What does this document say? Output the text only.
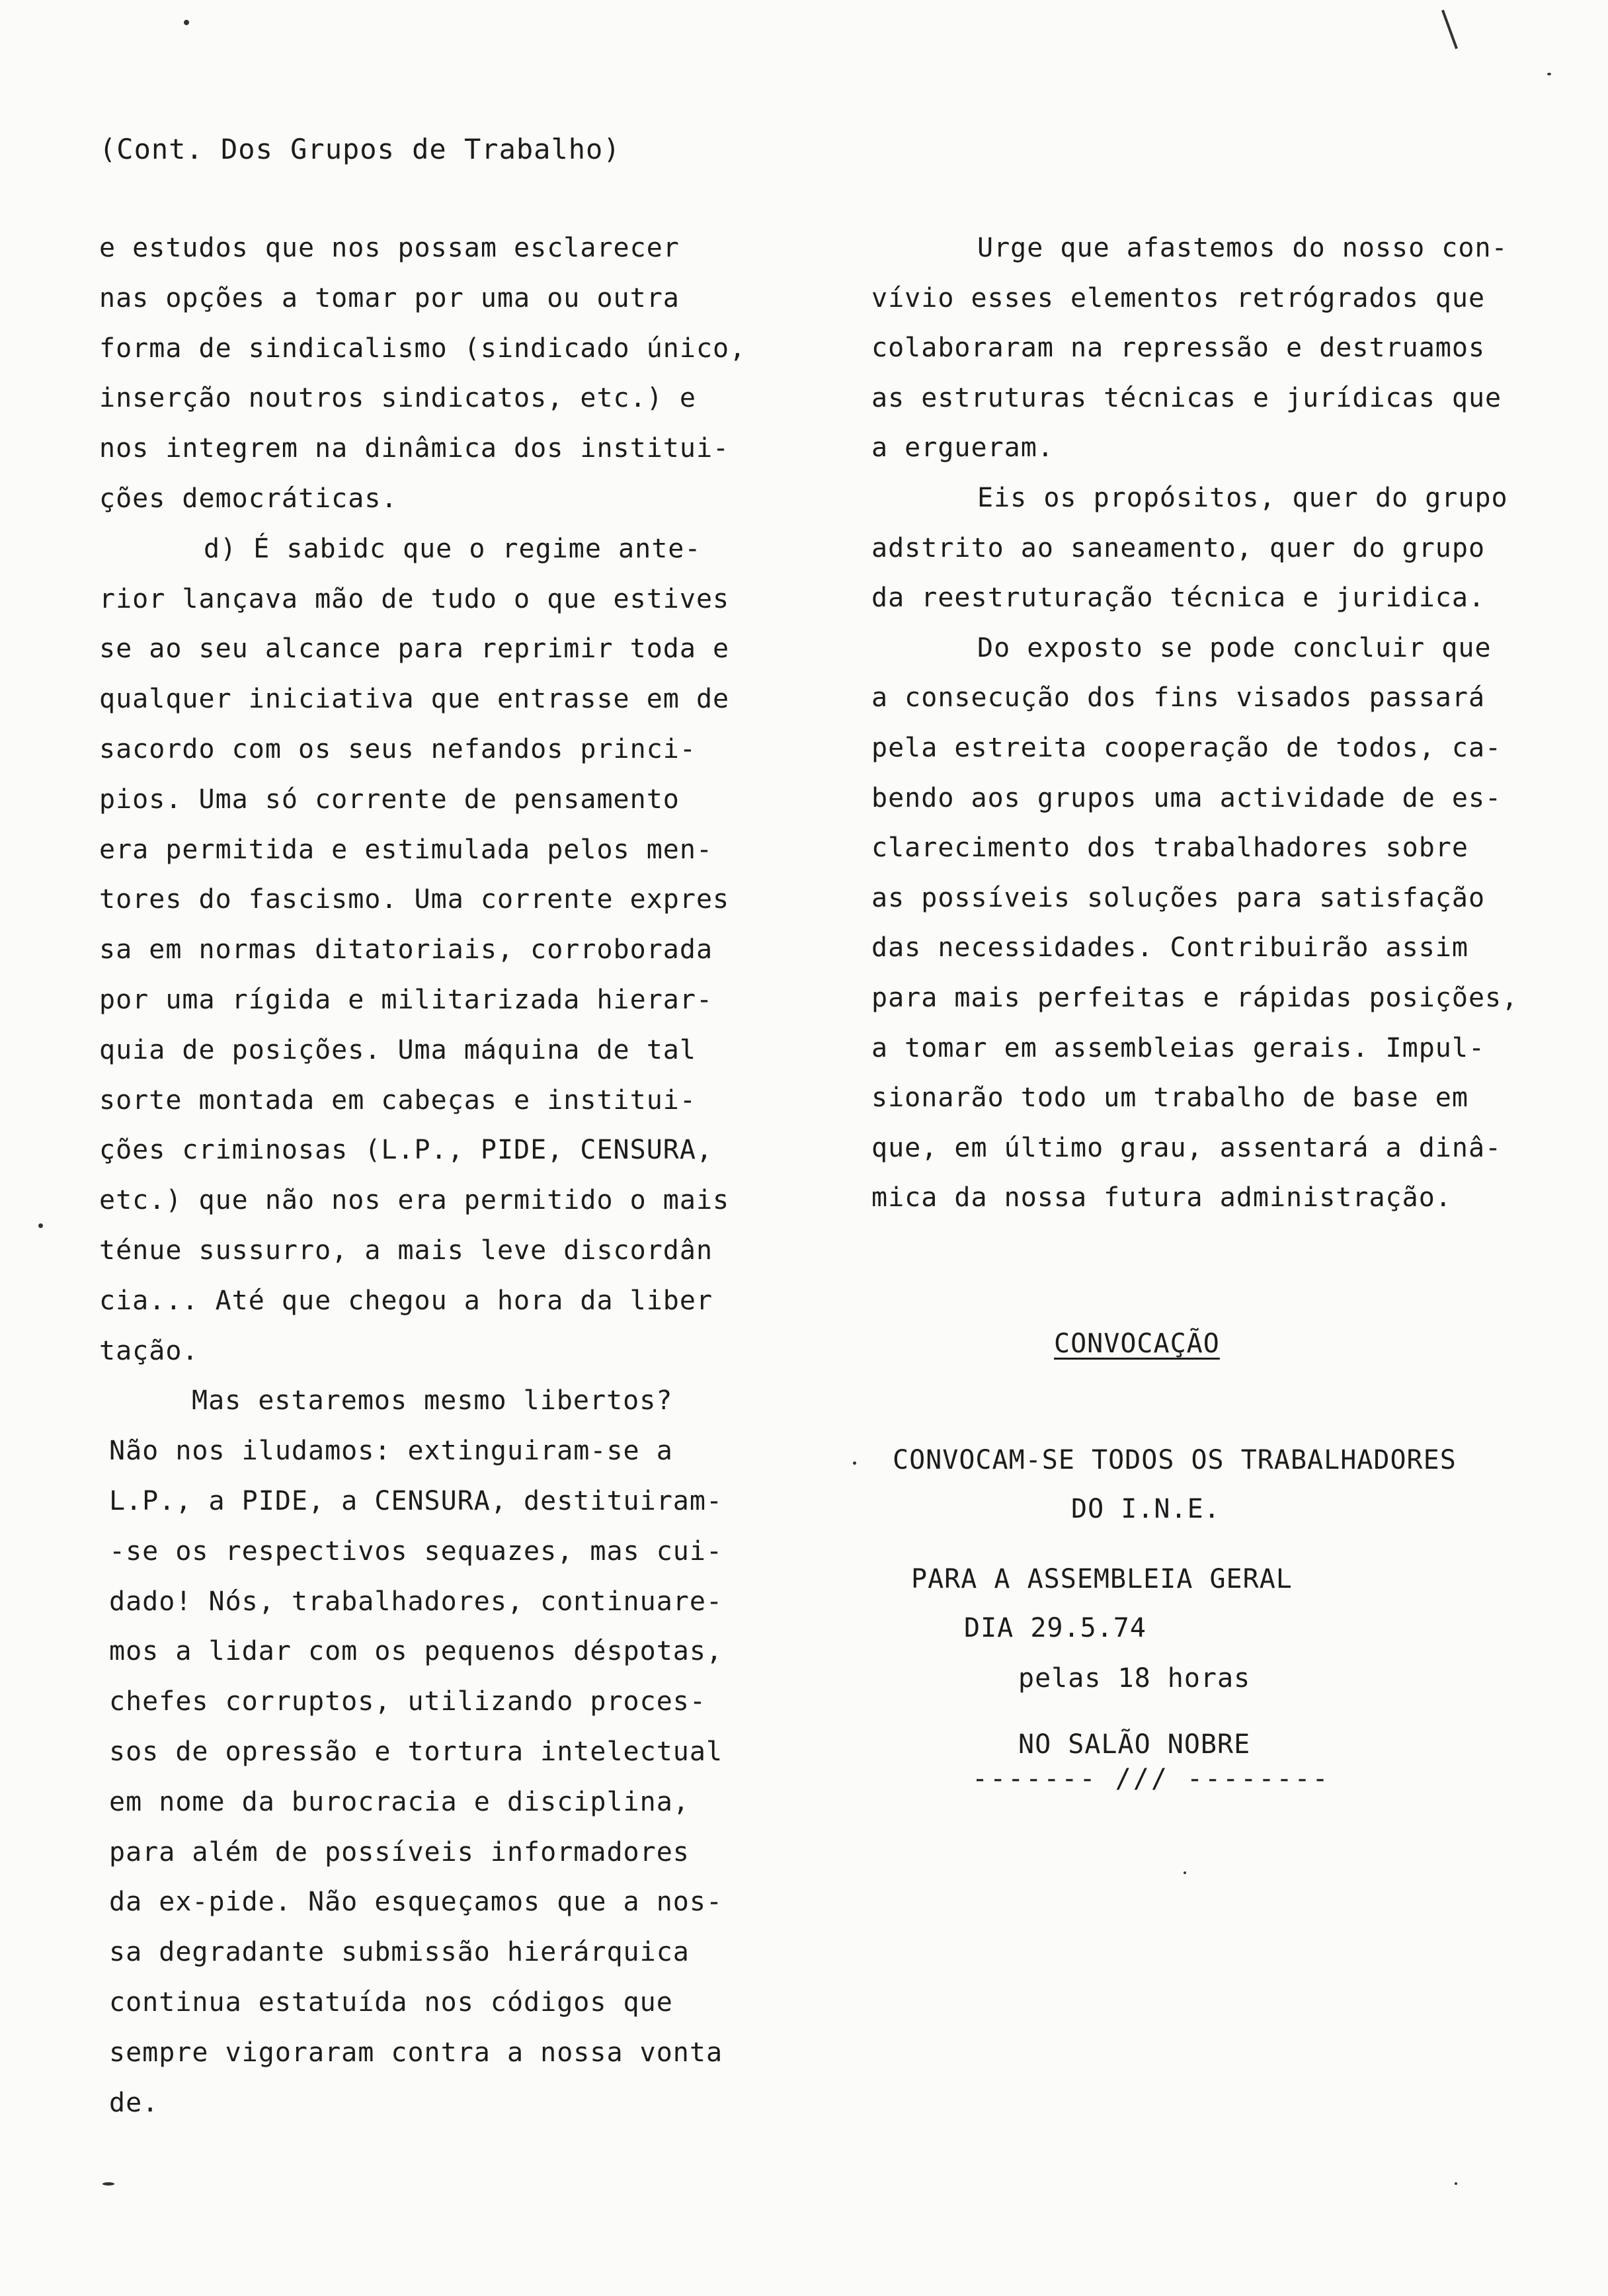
(Cont. Dos Grupos de Trabalho)
e estudos que nos possam esclarecer
nas opções a tomar por uma ou outra
forma de sindicalismo (sindicado único,
inserção noutros sindicatos, etc.) e
nos integrem na dinâmica dos institui-
ções democráticas.
d) É sabidc que o regime ante-
rior lançava mão de tudo o que estives
se ao seu alcance para reprimir toda e
qualquer iniciativa que entrasse em de
sacordo com os seus nefandos princi-
pios. Uma só corrente de pensamento
era permitida e estimulada pelos men-
tores do fascismo. Uma corrente expres
sa em normas ditatoriais, corroborada
por uma rígida e militarizada hierar-
quia de posições. Uma máquina de tal
sorte montada em cabeças e institui-
ções criminosas (L.P., PIDE, CENSURA,
etc.) que não nos era permitido o mais
ténue sussurro, a mais leve discordân
cia... Até que chegou a hora da liber
tação.
Mas estaremos mesmo libertos?
Não nos iludamos: extinguiram-se a
L.P., a PIDE, a CENSURA, destituiram-
-se os respectivos sequazes, mas cui-
dado! Nós, trabalhadores, continuare-
mos a lidar com os pequenos déspotas,
chefes corruptos, utilizando proces-
sos de opressão e tortura intelectual
em nome da burocracia e disciplina,
para além de possíveis informadores
da ex-pide. Não esqueçamos que a nos-
sa degradante submissão hierárquica
continua estatuída nos códigos que
sempre vigoraram contra a nossa vonta
de.
Urge que afastemos do nosso con-
vívio esses elementos retrógrados que
colaboraram na repressão e destruamos
as estruturas técnicas e jurídicas que
a ergueram.
Eis os propósitos, quer do grupo
adstrito ao saneamento, quer do grupo
da reestruturação técnica e juridica.
Do exposto se pode concluir que
a consecução dos fins visados passará
pela estreita cooperação de todos, ca-
bendo aos grupos uma actividade de es-
clarecimento dos trabalhadores sobre
as possíveis soluções para satisfação
das necessidades. Contribuirão assim
para mais perfeitas e rápidas posições,
a tomar em assembleias gerais. Impul-
sionarão todo um trabalho de base em
que, em último grau, assentará a dinâ-
mica da nossa futura administração.
CONVOCAÇÃO
CONVOCAM-SE TODOS OS TRABALHADORES
DO I.N.E.
PARA A ASSEMBLEIA GERAL
DIA 29.5.74
pelas 18 horas
NO SALÃO NOBRE
------- /// --------
